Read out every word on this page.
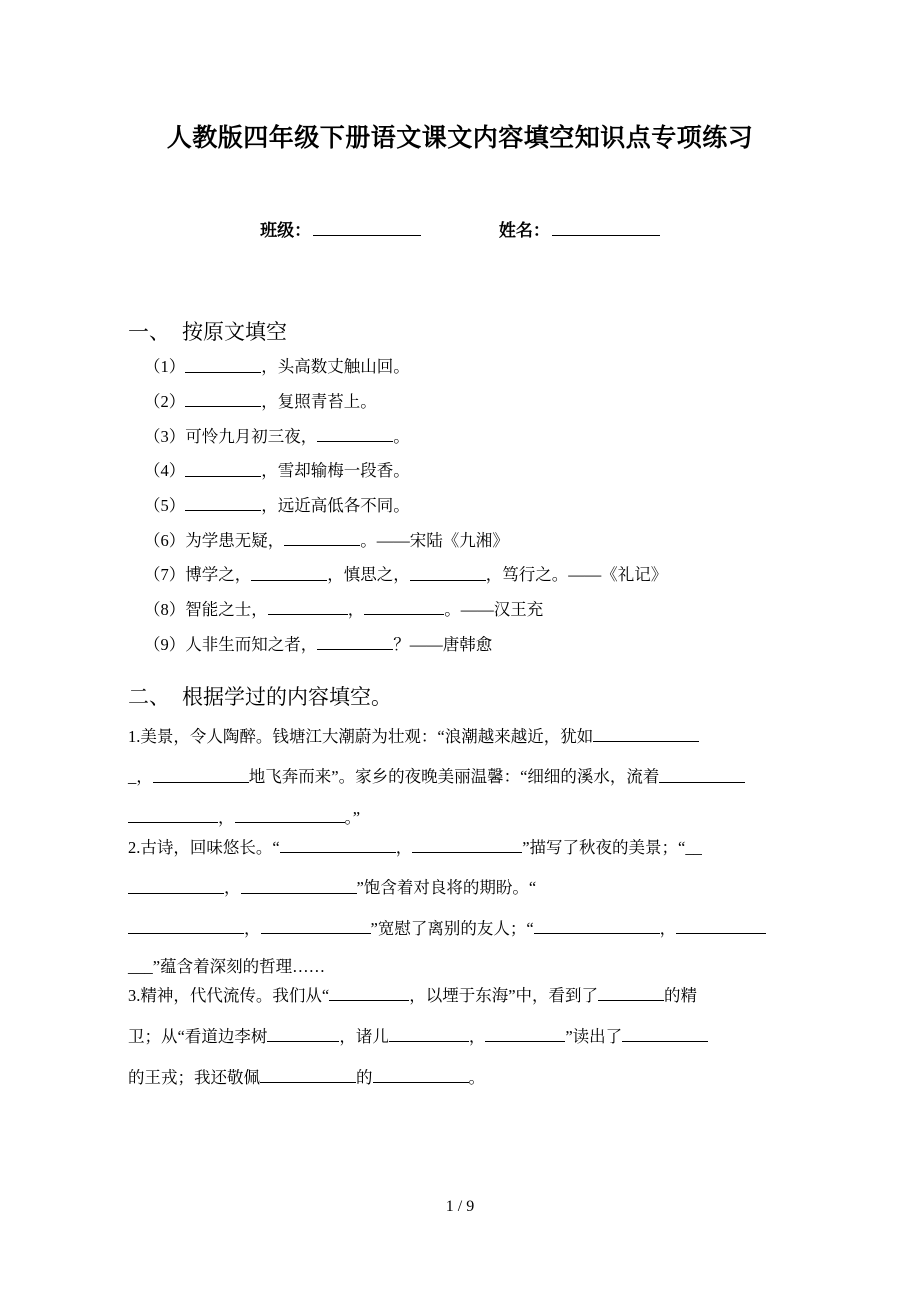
人教版四年级下册语文课文内容填空知识点专项练习
班级：	姓名：
一、 按原文填空
（1）	，头高数丈触山回。
（2）	，复照青苔上。
（3）可怜九月初三夜，	。
（4）	，雪却输梅一段香。
（5）	，远近高低各不同。
（6）为学患无疑，	。——宋陆《九湘》
（7）博学之，	，慎思之，	，笃行之。——《礼记》
（8）智能之士，	，	。——汉王充
（9）人非生而知之者，	？——唐韩愈
二、 根据学过的内容填空。
1.美景，令人陶醉。钱塘江大潮蔚为壮观：“浪潮越来越近，犹如
_，	地飞奔而来”。家乡的夜晚美丽温馨：“细细的溪水，流着
，	。”
2.古诗，回味悠长。“	，	”描写了秋夜的美景；“__
，	”饱含着对良将的期盼。“
，	”宽慰了离别的友人；“	，
___”蕴含着深刻的哲理……
3.精神，代代流传。我们从“	，以堙于东海”中，看到了	的精
卫；从“看道边李树	，诸儿	，	”读出了
的王戎；我还敬佩	的	。
1 / 9
